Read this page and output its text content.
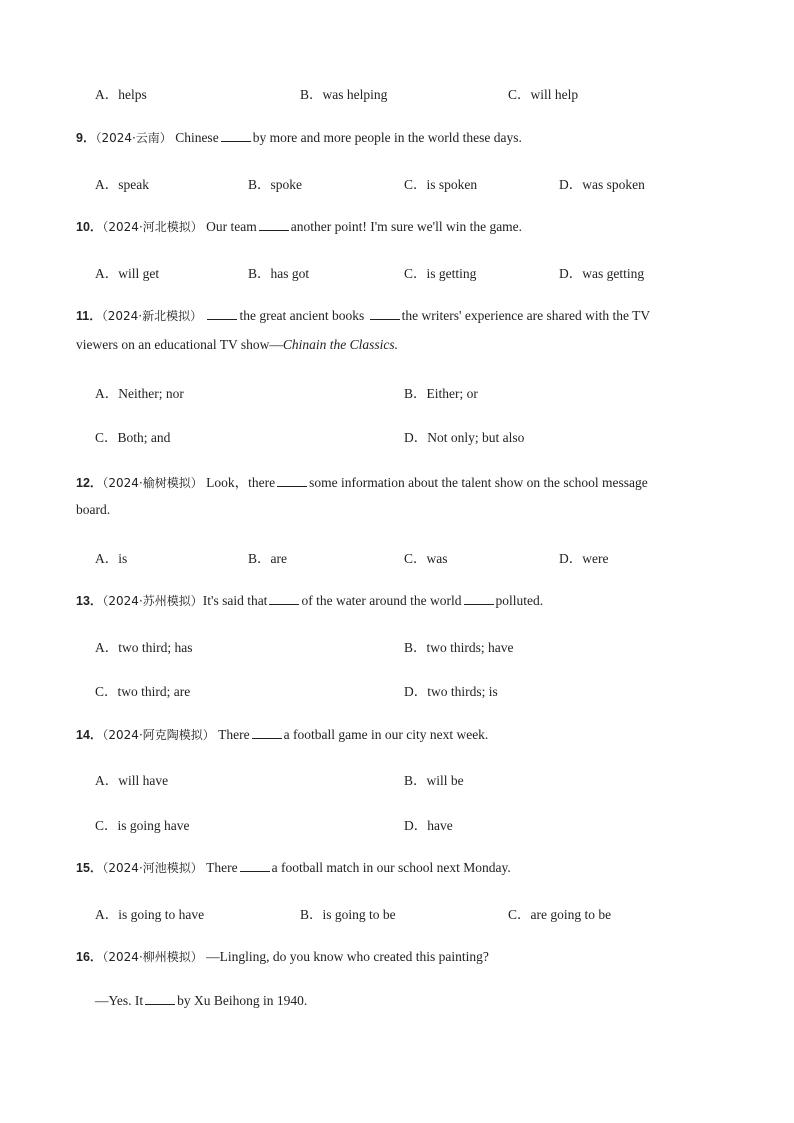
A．helps	B．was helping	C．will help
9．（2024·云南） Chinese	by more and more people in the world these days.
A．speak	B．spoke	C．is spoken	D．was spoken
10．（2024·河北模拟） Our team	another point! I'm sure we'll win the game.
A．will get	B．has got	C．is getting	D．was getting
11．（2024·新北模拟）	the great ancient books	the writers' experience are shared with the TV
viewers on an educational TV show—Chinain the Classics.
A．Neither; nor	B．Either; or
C．Both; and	D．Not only; but also
12．（2024·榆树模拟） Look，there	some information about the talent show on the school message
board.
A．is	B．are	C．was	D．were
13．（2024·苏州模拟）It's said that	of the water around the world	polluted.
A．two third; has	B．two thirds; have
C．two third; are	D．two thirds; is
14．（2024·阿克陶模拟） There	a football game in our city next week.
A．will have	B．will be
C．is going have	D．have
15．（2024·河池模拟） There	a football match in our school next Monday.
A．is going to have	B．is going to be	C．are going to be
16．（2024·柳州模拟） —Lingling, do you know who created this painting?
—Yes. It	by Xu Beihong in 1940.
